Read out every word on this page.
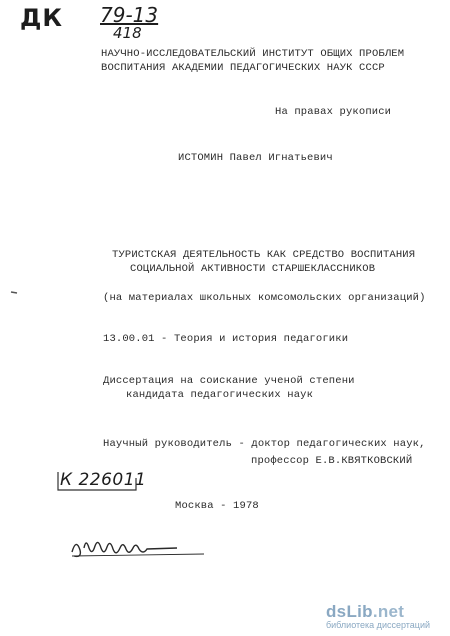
ДК 79-13
418
НАУЧНО-ИССЛЕДОВАТЕЛЬСКИЙ ИНСТИТУТ ОБЩИХ ПРОБЛЕМ
ВОСПИТАНИЯ АКАДЕМИИ ПЕДАГОГИЧЕСКИХ НАУК СССР
На правах рукописи
ИСТОМИН Павел Игнатьевич
ТУРИСТСКАЯ ДЕЯТЕЛЬНОСТЬ КАК СРЕДСТВО ВОСПИТАНИЯ
СОЦИАЛЬНОЙ АКТИВНОСТИ СТАРШЕКЛАССНИКОВ
(на материалах школьных комсомольских организаций)
13.00.01 - Теория и история педагогики
Диссертация на соискание ученой степени
кандидата педагогических наук
Научный руководитель - доктор педагогических наук,
профессор Е.В.КВЯТКОВСКИЙ
К 226011
Москва - 1978
dsLib.net
библиотека диссертаций
